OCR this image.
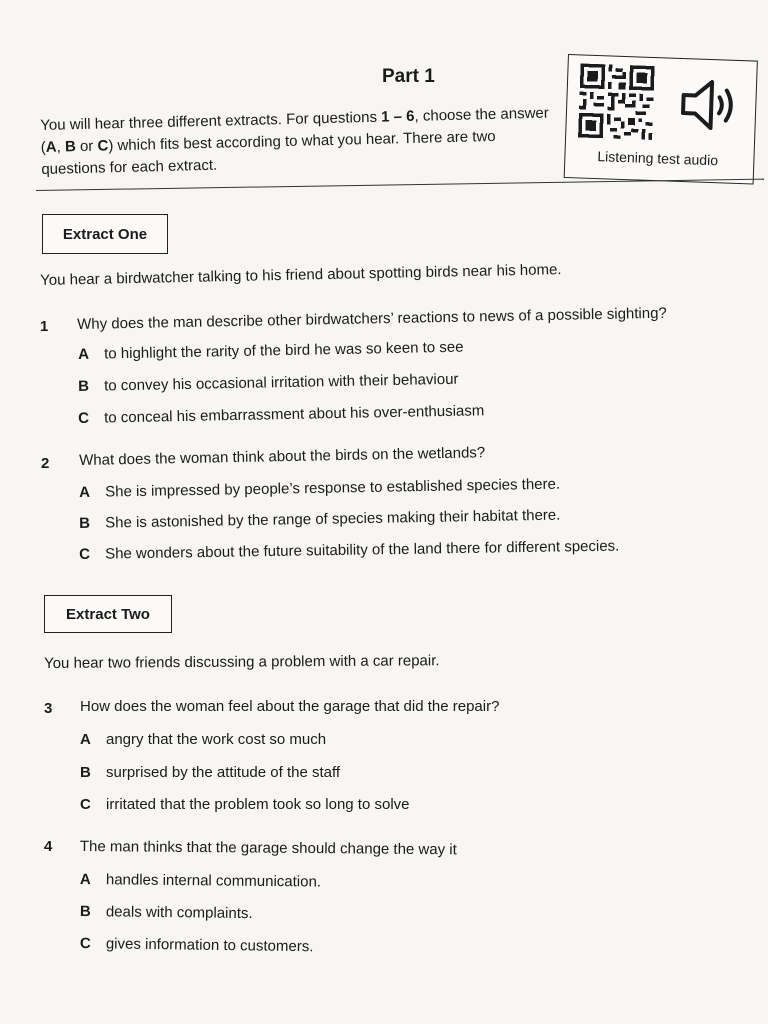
Part 1
You will hear three different extracts. For questions 1 – 6, choose the answer (A, B or C) which fits best according to what you hear. There are two questions for each extract.	Listening test audio
Extract One
You hear a birdwatcher talking to his friend about spotting birds near his home.
1 Why does the man describe other birdwatchers’ reactions to news of a possible sighting?
A to highlight the rarity of the bird he was so keen to see
B to convey his occasional irritation with their behaviour
C to conceal his embarrassment about his over-enthusiasm
2 What does the woman think about the birds on the wetlands?
A She is impressed by people’s response to established species there.
B She is astonished by the range of species making their habitat there.
C She wonders about the future suitability of the land there for different species.
Extract Two
You hear two friends discussing a problem with a car repair.
3 How does the woman feel about the garage that did the repair?
A angry that the work cost so much
B surprised by the attitude of the staff
C irritated that the problem took so long to solve
4 The man thinks that the garage should change the way it
A handles internal communication.
B deals with complaints.
C gives information to customers.
